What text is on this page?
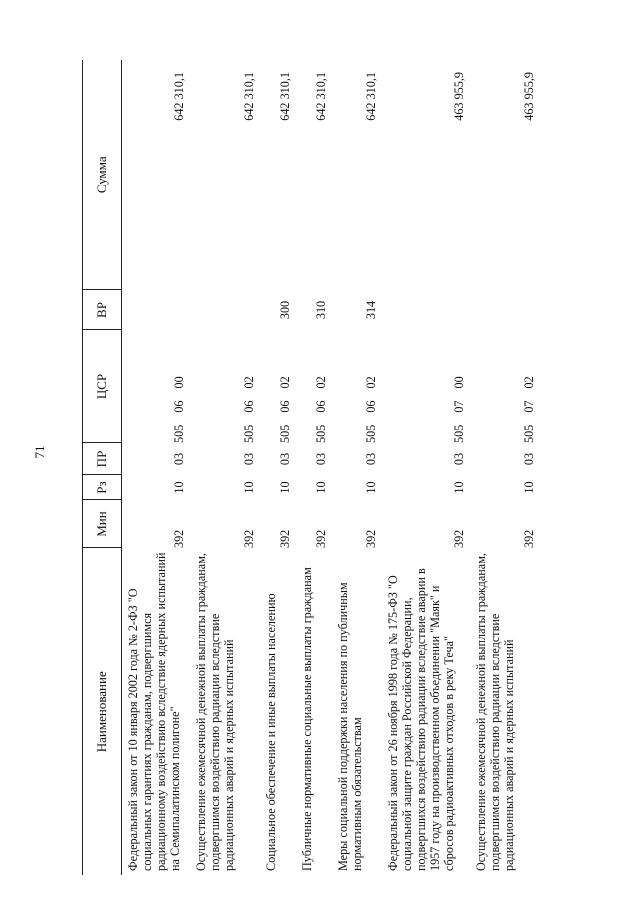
71
Наименование	Мин	Рз	ПР	ЦСР	ВР	Сумма
Федеральный закон от 10 января 2002 года № 2-ФЗ "О социальных гарантиях гражданам, подвергшимся радиационному воздействию вследствие ядерных испытаний на Семипалатинском полигоне"	392	10	03	505 06 00		642 310,1
Осуществление ежемесячной денежной выплаты гражданам, подвергшимся воздействию радиации вследствие радиационных аварий и ядерных испытаний	392	10	03	505 06 02		642 310,1
Социальное обеспечение и иные выплаты населению	392	10	03	505 06 02	300	642 310,1
Публичные нормативные социальные выплаты гражданам	392	10	03	505 06 02	310	642 310,1
Меры социальной поддержки населения по публичным нормативным обязательствам	392	10	03	505 06 02	314	642 310,1
Федеральный закон от 26 ноября 1998 года № 175-ФЗ "О социальной защите граждан Российской Федерации, подвергшихся воздействию радиации вследствие аварии в 1957 году на производственном объединении "Маяк" и сбросов радиоактивных отходов в реку Теча"	392	10	03	505 07 00		463 955,9
Осуществление ежемесячной денежной выплаты гражданам, подвергшимся воздействию радиации вследствие радиационных аварий и ядерных испытаний	392	10	03	505 07 02		463 955,9
